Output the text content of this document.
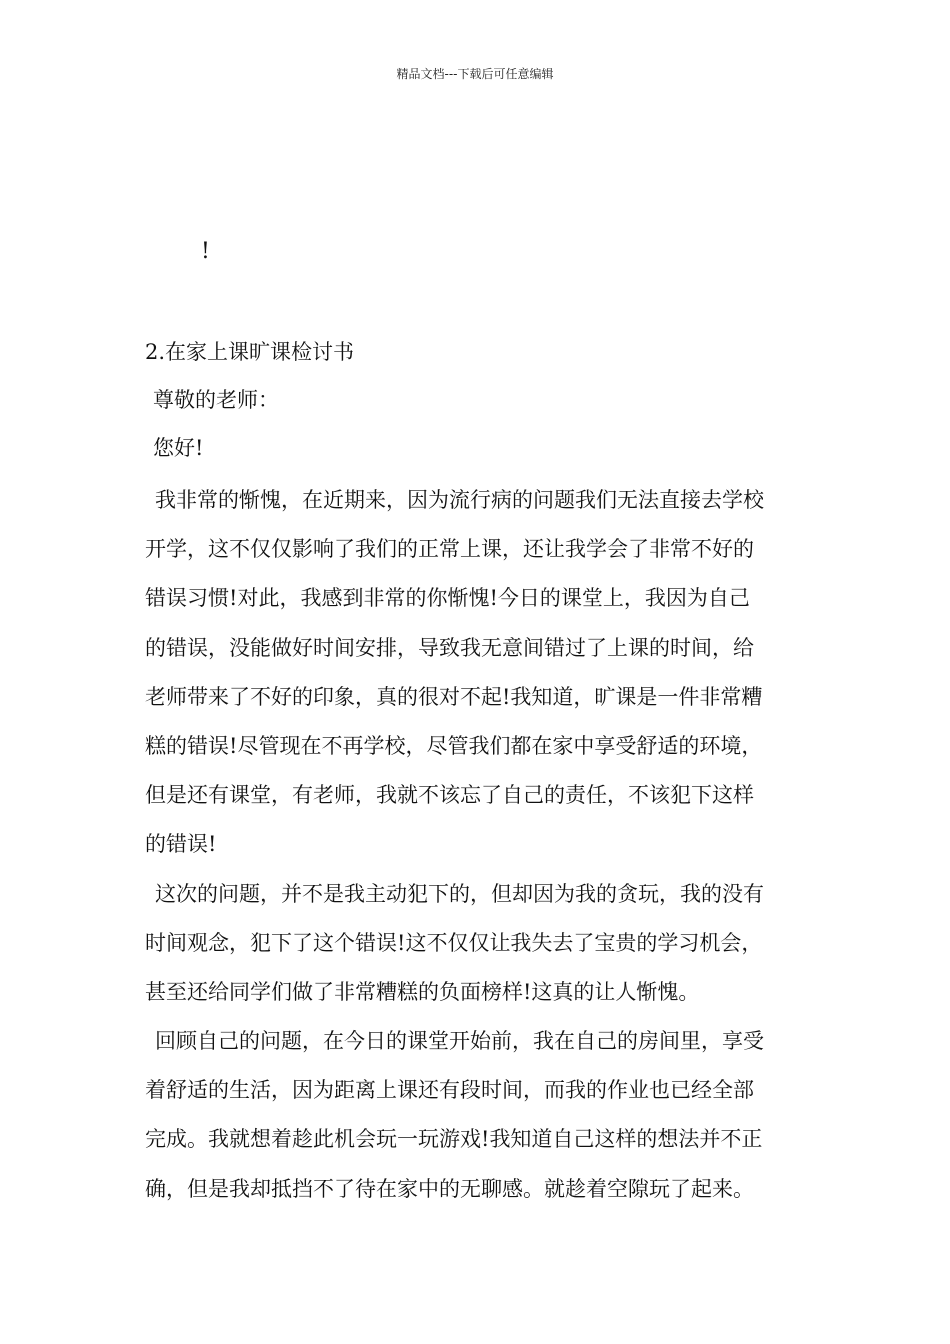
精品文档---下载后可任意编辑
!
2.在家上课旷课检讨书
尊敬的老师：
您好!
我非常的惭愧，在近期来，因为流行病的问题我们无法直接去学校
开学，这不仅仅影响了我们的正常上课，还让我学会了非常不好的
错误习惯!对此，我感到非常的你惭愧!今日的课堂上，我因为自己
的错误，没能做好时间安排，导致我无意间错过了上课的时间，给
老师带来了不好的印象，真的很对不起!我知道，旷课是一件非常糟
糕的错误!尽管现在不再学校，尽管我们都在家中享受舒适的环境，
但是还有课堂，有老师，我就不该忘了自己的责任，不该犯下这样
的错误!
这次的问题，并不是我主动犯下的，但却因为我的贪玩，我的没有
时间观念，犯下了这个错误!这不仅仅让我失去了宝贵的学习机会，
甚至还给同学们做了非常糟糕的负面榜样!这真的让人惭愧。
回顾自己的问题，在今日的课堂开始前，我在自己的房间里，享受
着舒适的生活，因为距离上课还有段时间，而我的作业也已经全部
完成。我就想着趁此机会玩一玩游戏!我知道自己这样的想法并不正
确，但是我却抵挡不了待在家中的无聊感。就趁着空隙玩了起来。
